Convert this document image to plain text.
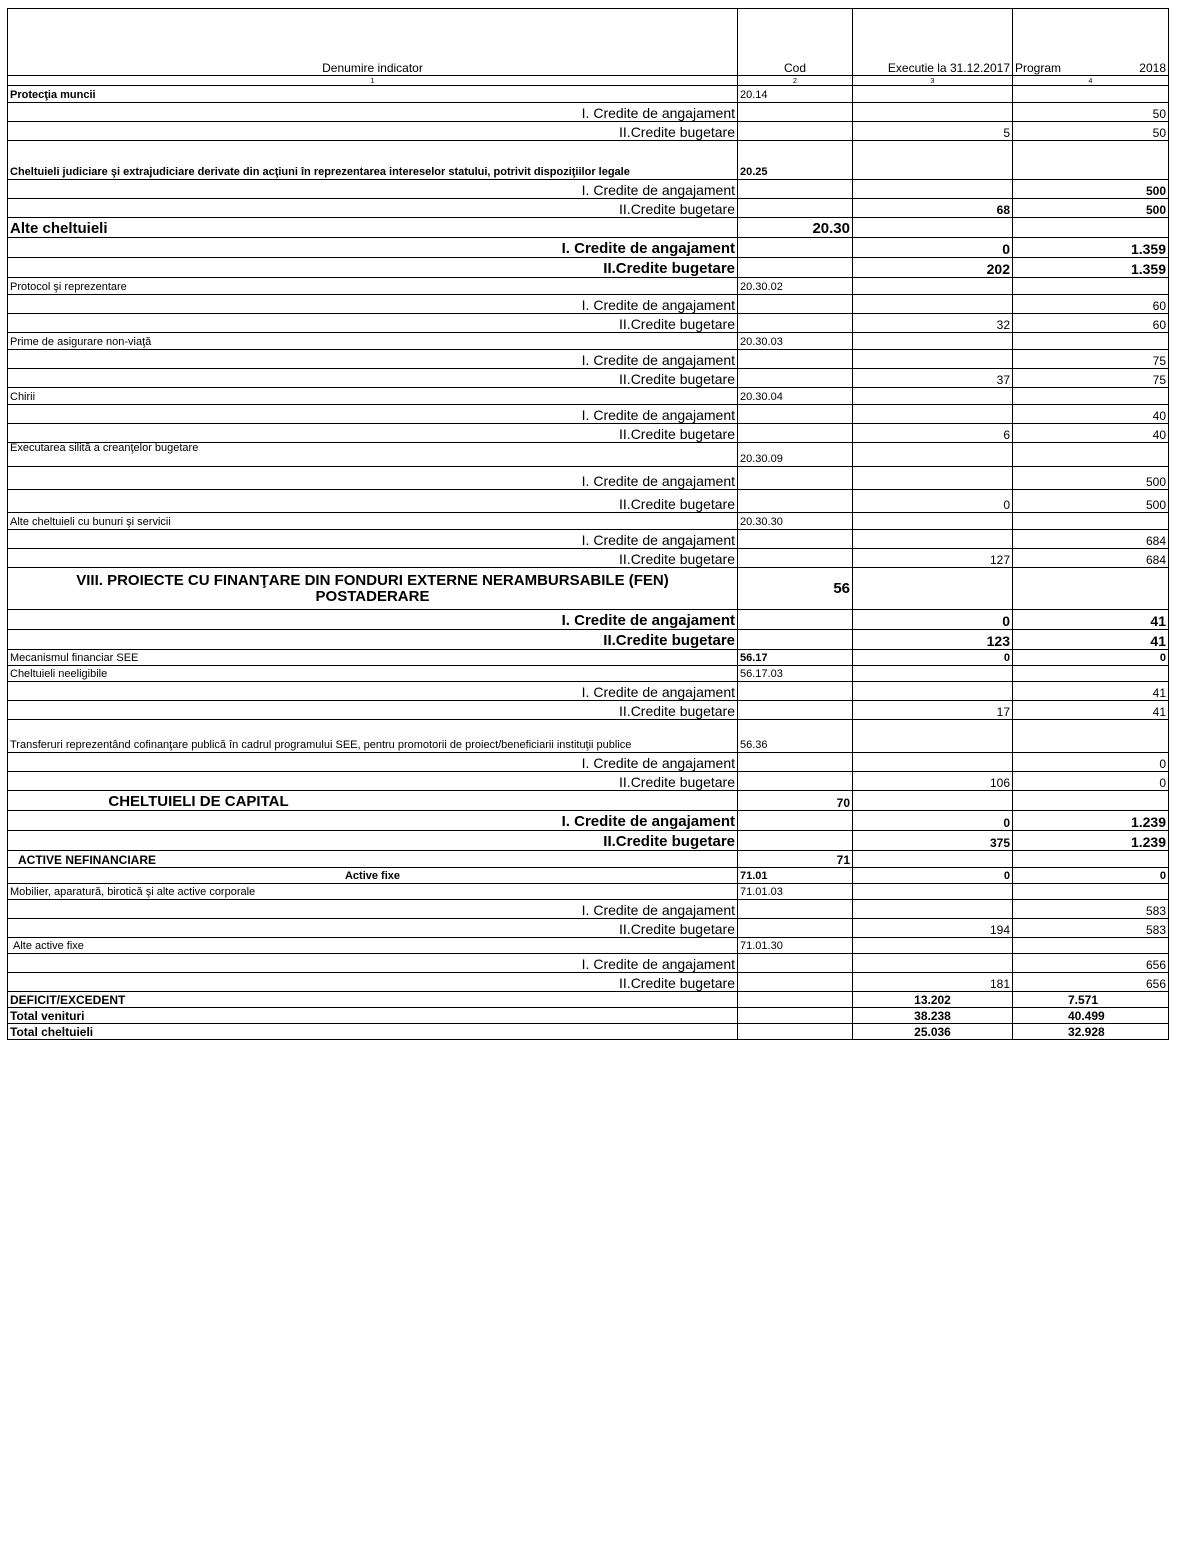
Denumire indicator	Cod	Executie la 31.12.2017	Program 2018

1	2	3	4
Protecţia muncii	20.14		
I. Credite de angajament			50
II.Credite bugetare		5	50
Cheltuieli judiciare şi extrajudiciare derivate din acţiuni în reprezentarea intereselor statului, potrivit dispoziţiilor legale	20.25		
I. Credite de angajament			500
II.Credite bugetare		68	500
Alte cheltuieli	20.30		
I. Credite de angajament		0	1.359
II.Credite bugetare		202	1.359
Protocol şi reprezentare	20.30.02		
I. Credite de angajament			60
II.Credite bugetare		32	60
Prime de asigurare non-viaţă	20.30.03		
I. Credite de angajament			75
II.Credite bugetare		37	75
Chirii	20.30.04		
I. Credite de angajament			40
II.Credite bugetare		6	40
Executarea silită a creanţelor bugetare	20.30.09		
I. Credite de angajament			500
II.Credite bugetare		0	500
Alte cheltuieli cu bunuri şi servicii	20.30.30		
I. Credite de angajament			684
II.Credite bugetare		127	684
VIII. PROIECTE CU FINANŢARE DIN FONDURI EXTERNE NERAMBURSABILE (FEN) POSTADERARE	56		
I. Credite de angajament		0	41
II.Credite bugetare		123	41
Mecanismul financiar SEE	56.17	0	0
Cheltuieli neeligibile	56.17.03		
I. Credite de angajament			41
II.Credite bugetare		17	41
Transferuri reprezentând cofinanţare publică în cadrul programului SEE, pentru promotorii de proiect/beneficiarii instituţii publice	56.36		
I. Credite de angajament			0
II.Credite bugetare		106	0
CHELTUIELI DE CAPITAL	70		
I. Credite de angajament		0	1.239
II.Credite bugetare		375	1.239
ACTIVE NEFINANCIARE	71		
Active fixe	71.01	0	0
Mobilier, aparatură, birotică şi alte active corporale	71.01.03		
I. Credite de angajament			583
II.Credite bugetare		194	583
Alte active fixe	71.01.30		
I. Credite de angajament			656
II.Credite bugetare		181	656
DEFICIT/EXCEDENT		13.202	7.571
Total venituri		38.238	40.499
Total cheltuieli		25.036	32.928
